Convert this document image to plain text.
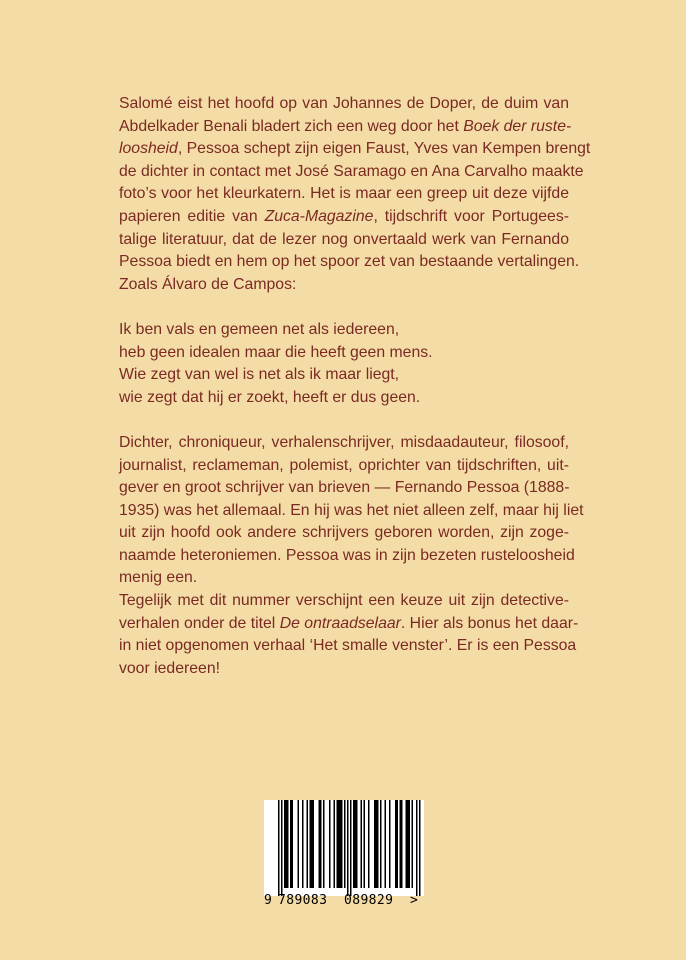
Salomé eist het hoofd op van Johannes de Doper, de duim van
Abdelkader Benali bladert zich een weg door het Boek der ruste-
loosheid, Pessoa schept zijn eigen Faust, Yves van Kempen brengt
de dichter in contact met José Saramago en Ana Carvalho maakte
foto’s voor het kleurkatern. Het is maar een greep uit deze vijfde
papieren editie van Zuca-Magazine, tijdschrift voor Portugees-
talige literatuur, dat de lezer nog onvertaald werk van Fernando
Pessoa biedt en hem op het spoor zet van bestaande vertalingen.
Zoals Álvaro de Campos:
Ik ben vals en gemeen net als iedereen,
heb geen idealen maar die heeft geen mens.
Wie zegt van wel is net als ik maar liegt,
wie zegt dat hij er zoekt, heeft er dus geen.
Dichter, chroniqueur, verhalenschrijver, misdaadauteur, filosoof,
journalist, reclameman, polemist, oprichter van tijdschriften, uit-
gever en groot schrijver van brieven — Fernando Pessoa (1888-
1935) was het allemaal. En hij was het niet alleen zelf, maar hij liet
uit zijn hoofd ook andere schrijvers geboren worden, zijn zoge-
naamde heteroniemen. Pessoa was in zijn bezeten rusteloosheid
menig een.
Tegelijk met dit nummer verschijnt een keuze uit zijn detective-
verhalen onder de titel De ontraadselaar. Hier als bonus het daar-
in niet opgenomen verhaal ‘Het smalle venster’. Er is een Pessoa
voor iedereen!
9 789083 089829 >
